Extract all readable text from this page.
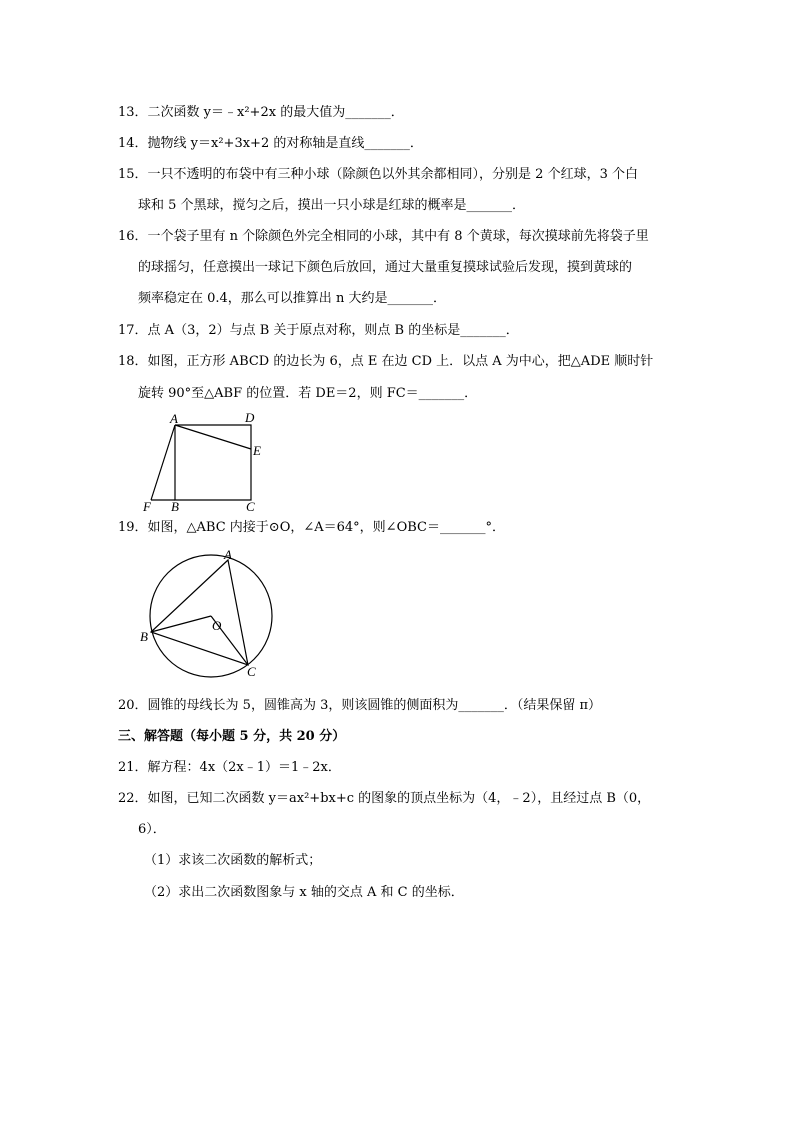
13．二次函数 y＝﹣x²+2x 的最大值为_______．
14．抛物线 y＝x²+3x+2 的对称轴是直线_______．
15．一只不透明的布袋中有三种小球（除颜色以外其余都相同），分别是 2 个红球，3 个白
球和 5 个黑球，搅匀之后，摸出一只小球是红球的概率是_______．
16．一个袋子里有 n 个除颜色外完全相同的小球，其中有 8 个黄球，每次摸球前先将袋子里
的球摇匀，任意摸出一球记下颜色后放回，通过大量重复摸球试验后发现，摸到黄球的
频率稳定在 0.4，那么可以推算出 n 大约是_______．
17．点 A（3，2）与点 B 关于原点对称，则点 B 的坐标是_______．
18．如图，正方形 ABCD 的边长为 6，点 E 在边 CD 上．以点 A 为中心，把△ADE 顺时针
旋转 90°至△ABF 的位置．若 DE＝2，则 FC＝_______．
A	D
E
F B	C
19．如图，△ABC 内接于⊙O，∠A＝64°，则∠OBC＝_______°．
A
B
C
O
20．圆锥的母线长为 5，圆锥高为 3，则该圆锥的侧面积为_______．（结果保留 π）
三、解答题（每小题 5 分，共 20 分）
21．解方程：4x（2x﹣1）＝1﹣2x．
22．如图，已知二次函数 y＝ax²+bx+c 的图象的顶点坐标为（4，﹣2），且经过点 B（0，
6）．
（1）求该二次函数的解析式；
（2）求出二次函数图象与 x 轴的交点 A 和 C 的坐标．
